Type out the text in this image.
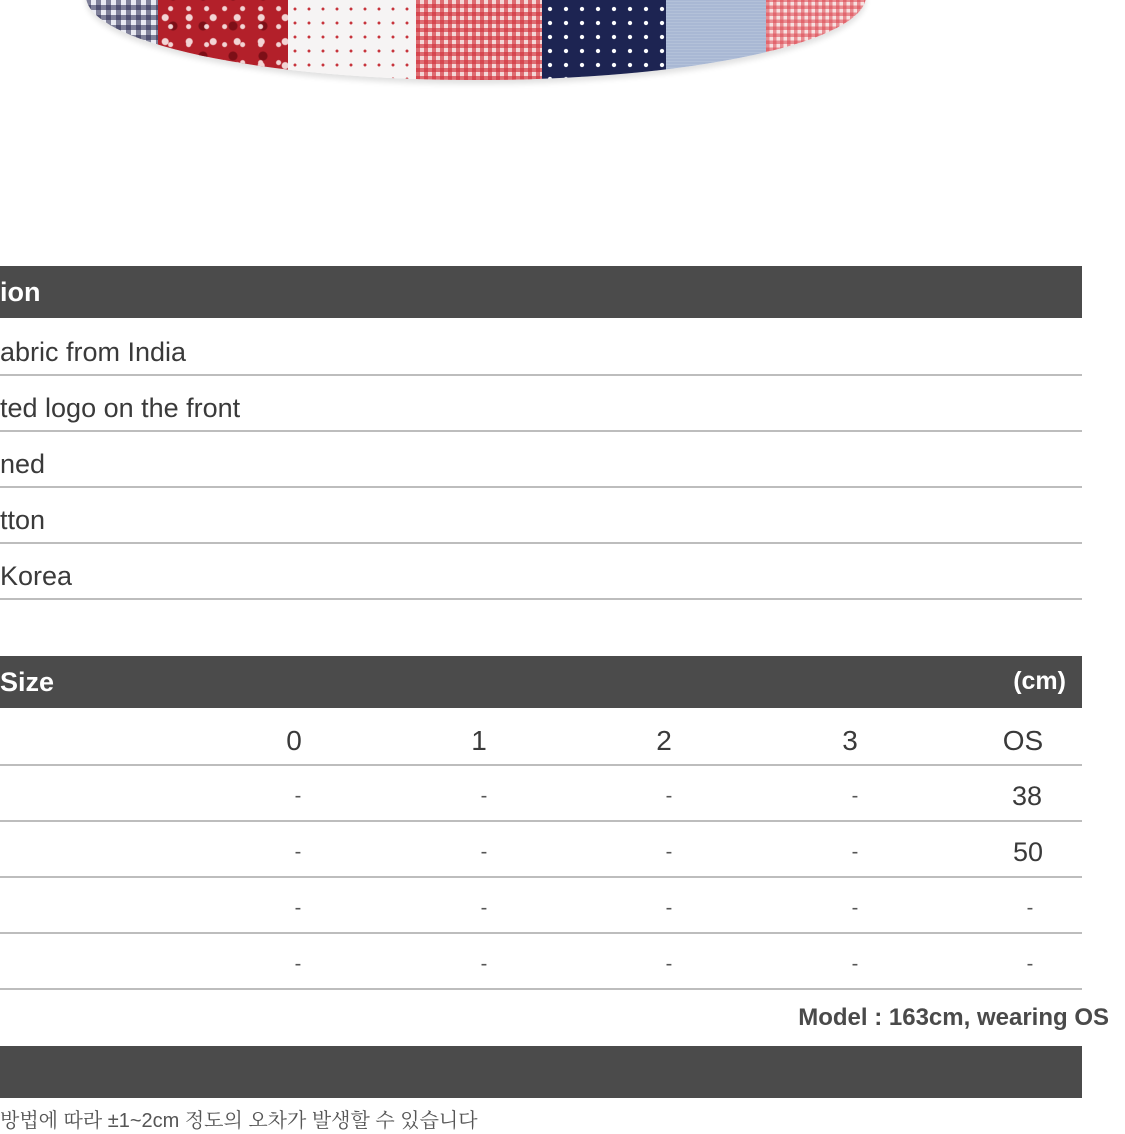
ion
abric from India
ted logo on the front
ned
tton
Korea
Size	(cm)
0	1	2	3	OS
-	-	-	-	38
-	-	-	-	50
-	-	-	-	-
-	-	-	-	-
Model : 163cm, wearing OS
방법에 따라 ±1~2cm 정도의 오차가 발생할 수 있습니다
